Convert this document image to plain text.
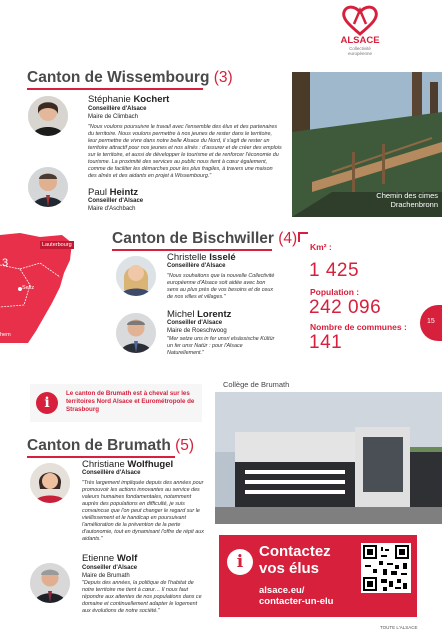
ALSACE
Collectivité
européenne
Canton de Wissembourg (3)
Stéphanie Kochert
Conseillère d'Alsace
Maire de Climbach
"Nous voulons poursuivre le travail avec l'ensemble des élus et des partenaires du territoire. Nous voulons permettre à nos jeunes de rester dans le territoire, leur permettre de vivre dans notre belle Alsace du Nord, il s'agit de rester un territoire attractif pour nos jeunes et nos aînés : d'assurer et de créer des emplois sur le territoire, et aussi de développer le tourisme et de renforcer l'économie du tourisme. La proximité des services au public nous tient à cœur également, comme de faciliter les démarches pour les plus fragiles, à travers une maison des aînés et des aidants en projet à Wissembourg."
Paul Heintz
Conseiller d'Alsace
Maire d'Aschbach
Chemin des cimes
Drachenbronn
Lauterbourg
Seltz
hem
3
Canton de Bischwiller (4)
Christelle Isselé
Conseillère d'Alsace
"Nous souhaitons que la nouvelle Collectivité européenne d'Alsace soit aidée avec bon sens au plus près de vos besoins et de ceux de nos villes et villages."
Michel Lorentz
Conseiller d'Alsace
Maire de Roeschwoog
"Mer setze uns in fer unsri elsässische Kültür un fer unsr Natür : pour l'Alsace Naturellement."
Km² :
1 425
Population :
242 096
Nombre de communes :
141
15
i
Le canton de Brumath est à cheval sur les territoires Nord Alsace et Eurométropole de Strasbourg
Collège de Brumath
Canton de Brumath (5)
Christiane Wolfhugel
Conseillère d'Alsace
"Très largement impliquée depuis des années pour promouvoir les actions innovantes au service des valeurs humaines fondamentales, notamment auprès des populations en difficulté, je suis convaincue que l'on peut changer le regard sur le vieillissement et le handicap en poursuivant l'amélioration de la prévention de la perte d'autonomie, tout en dynamisant l'offre de répit aux aidants."
Etienne Wolf
Conseiller d'Alsace
Maire de Brumath
"Depuis des années, la politique de l'habitat de notre territoire me tient à cœur… Il nous faut répondre aux attentes de nos populations dans ce domaine et continuellement adapter le logement aux évolutions de notre société."
i
Contactez
vos élus
alsace.eu/
contacter-un-elu
TOUTE L'ALSACE
